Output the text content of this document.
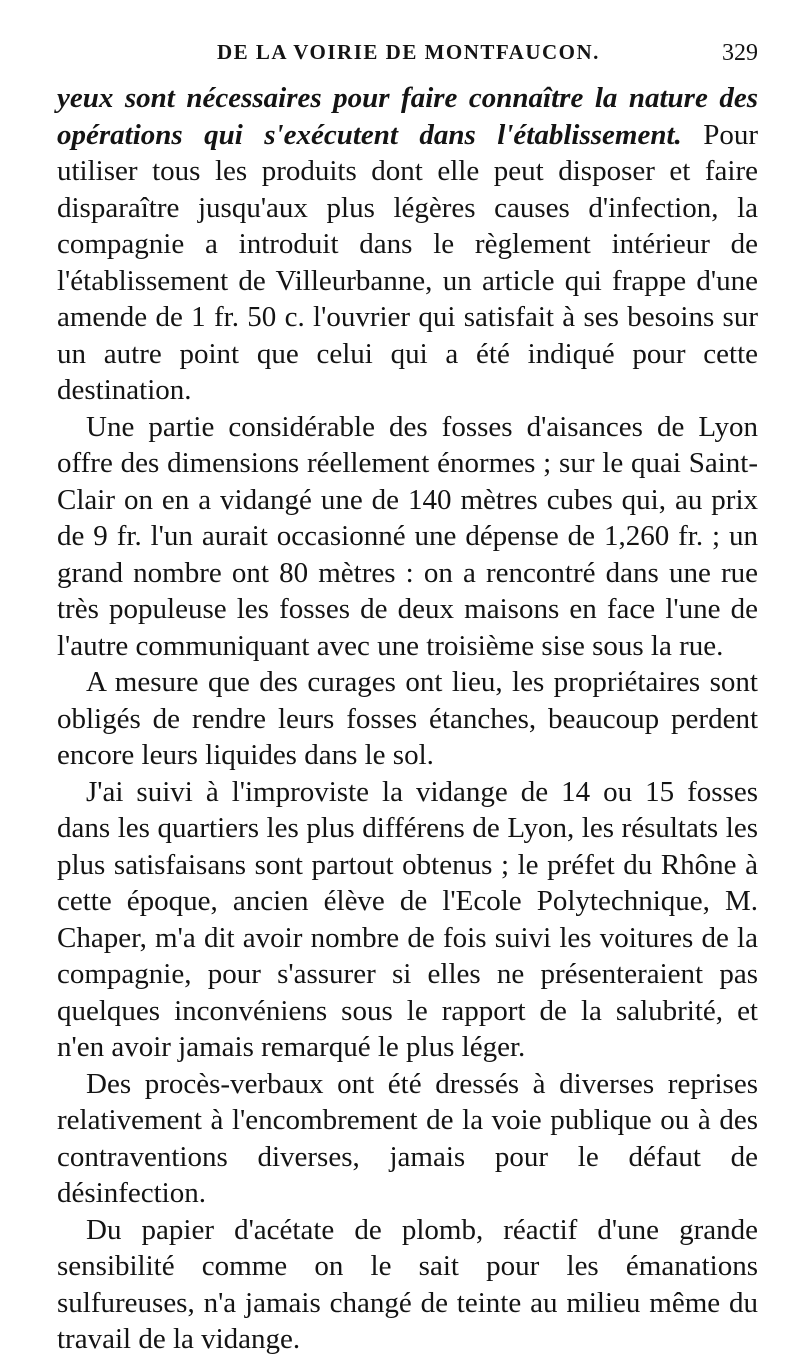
DE LA VOIRIE DE MONTFAUCON.	329

yeux sont nécessaires pour faire connaître la nature des opérations qui s'exécutent dans l'établissement. Pour utiliser tous les produits dont elle peut disposer et faire disparaître jusqu'aux plus légères causes d'infection, la compagnie a introduit dans le règlement intérieur de l'établissement de Villeurbanne, un article qui frappe d'une amende de 1 fr. 50 c. l'ouvrier qui satisfait à ses besoins sur un autre point que celui qui a été indiqué pour cette destination.

Une partie considérable des fosses d'aisances de Lyon offre des dimensions réellement énormes ; sur le quai Saint-Clair on en a vidangé une de 140 mètres cubes qui, au prix de 9 fr. l'un aurait occasionné une dépense de 1,260 fr. ; un grand nombre ont 80 mètres : on a rencontré dans une rue très populeuse les fosses de deux maisons en face l'une de l'autre communiquant avec une troisième sise sous la rue.

A mesure que des curages ont lieu, les propriétaires sont obligés de rendre leurs fosses étanches, beaucoup perdent encore leurs liquides dans le sol.

J'ai suivi à l'improviste la vidange de 14 ou 15 fosses dans les quartiers les plus différens de Lyon, les résultats les plus satisfaisans sont partout obtenus ; le préfet du Rhône à cette époque, ancien élève de l'Ecole Polytechnique, M. Chaper, m'a dit avoir nombre de fois suivi les voitures de la compagnie, pour s'assurer si elles ne présenteraient pas quelques inconvéniens sous le rapport de la salubrité, et n'en avoir jamais remarqué le plus léger.

Des procès-verbaux ont été dressés à diverses reprises relativement à l'encombrement de la voie publique ou à des contraventions diverses, jamais pour le défaut de désinfection.

Du papier d'acétate de plomb, réactif d'une grande sensibilité comme on le sait pour les émanations sulfureuses, n'a jamais changé de teinte au milieu même du travail de la vidange.
